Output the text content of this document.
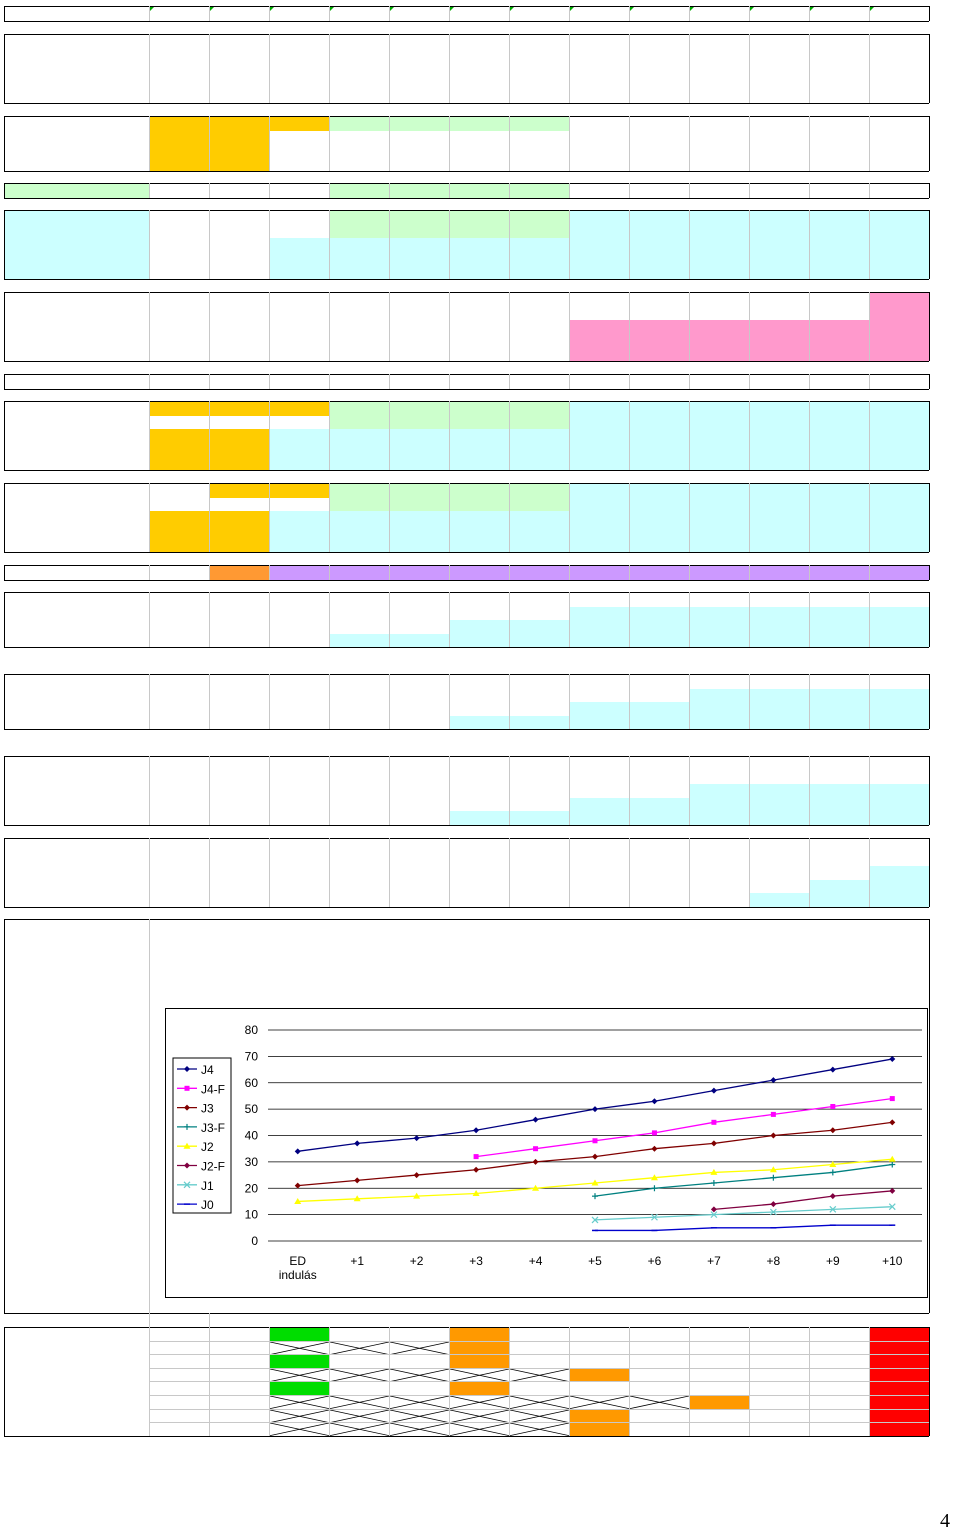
0
10
20
30
40
50
60
70
80
ED
indulás
+1	+2	+3	+4	+5	+6	+7	+8	+9	+10
J4
J4-F
J3
J3-F
J2
J2-F
J1
J0
4
